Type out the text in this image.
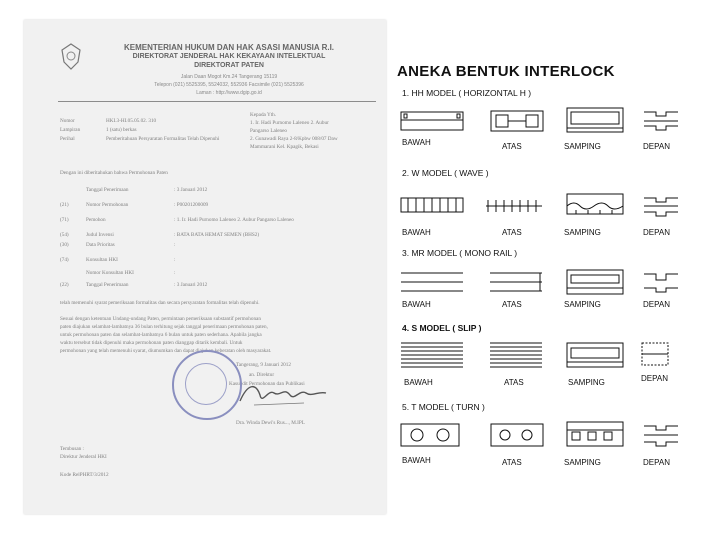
KEMENTERIAN HUKUM DAN HAK ASASI MANUSIA R.I.
DIREKTORAT JENDERAL HAK KEKAYAAN INTELEKTUAL
DIREKTORAT PATEN
Jalan Daan Mogot Km.24 Tangerang 15119
Telepon (021) 5525395, 5524032, 552936 Facsimile (021) 5525396
Laman : http://www.dgip.go.id
Nomor	HKI.3-HI.05.05.02. 310
Lampiran	1 (satu) berkas
Perihal	Pemberitahuan Persyaratan Formalitas Telah Dipenuhi
Kepada Yth.
1. Ir. Hadi Purnomo Laleneo 2. Aubur
Pangarso Laleneo
2. Gunawadi Raya 2-8/Kpbw 008/07 Daw
Mammarani Kel. Kpagik, Bekasi
Dengan ini diberitahukan bahwa Permohonan Paten
Tanggal Penerimaan	: 3 Januari 2012
(21)	Nomor Permohonan	: P00201200009
(71)	Pemohon	: 1. Ir. Hadi Purnomo Laleneo 2. Aubur Pangarso Laleneo
(54)	Judul Invensi	: BATA BATA HEMAT SEMEN (BHS2)
(30)	Data Prioritas	:
(74)	Konsultan HKI	:
Nomor Konsultan HKI	:
(22)	Tanggal Penerimaan	: 3 Januari 2012
telah memenuhi syarat pemeriksaan formalitas dan secara persyaratan formalitas telah dipenuhi.
Sesuai dengan ketentuan Undang-undang Paten, permintaan pemeriksaan substantif permohonan
paten diajukan selambat-lambatnya 36 bulan terhitung sejak tanggal penerimaan permohonan paten,
untuk permohonan paten dan selambat-lambatnya 6 bulan untuk paten sederhana. Apabila jangka
waktu tersebut tidak dipenuhi maka permohonan paten dianggap ditarik kembali. Untuk
permohonan yang telah memenuhi syarat, diumumkan dan dapat diajukan keberatan oleh masyarakat.
Tangerang, 9 Januari 2012
an. Direktur
Kasubdit Permohonan dan Publikasi
Dra. Winda Dewi's Rus..., M.IPL
Tembusan :
Direktur Jenderal HKI
Kode RelPHRT/3/2012
ANEKA BENTUK INTERLOCK
1. HH MODEL ( HORIZONTAL H )
BAWAH	ATAS	SAMPING	DEPAN
2. W MODEL ( WAVE )
BAWAH	ATAS	SAMPING	DEPAN
3. MR MODEL ( MONO RAIL )
BAWAH	ATAS	SAMPING	DEPAN
4. S MODEL ( SLIP )
BAWAH	ATAS	SAMPING	DEPAN
5. T MODEL ( TURN )
BAWAH	ATAS	SAMPING	DEPAN
